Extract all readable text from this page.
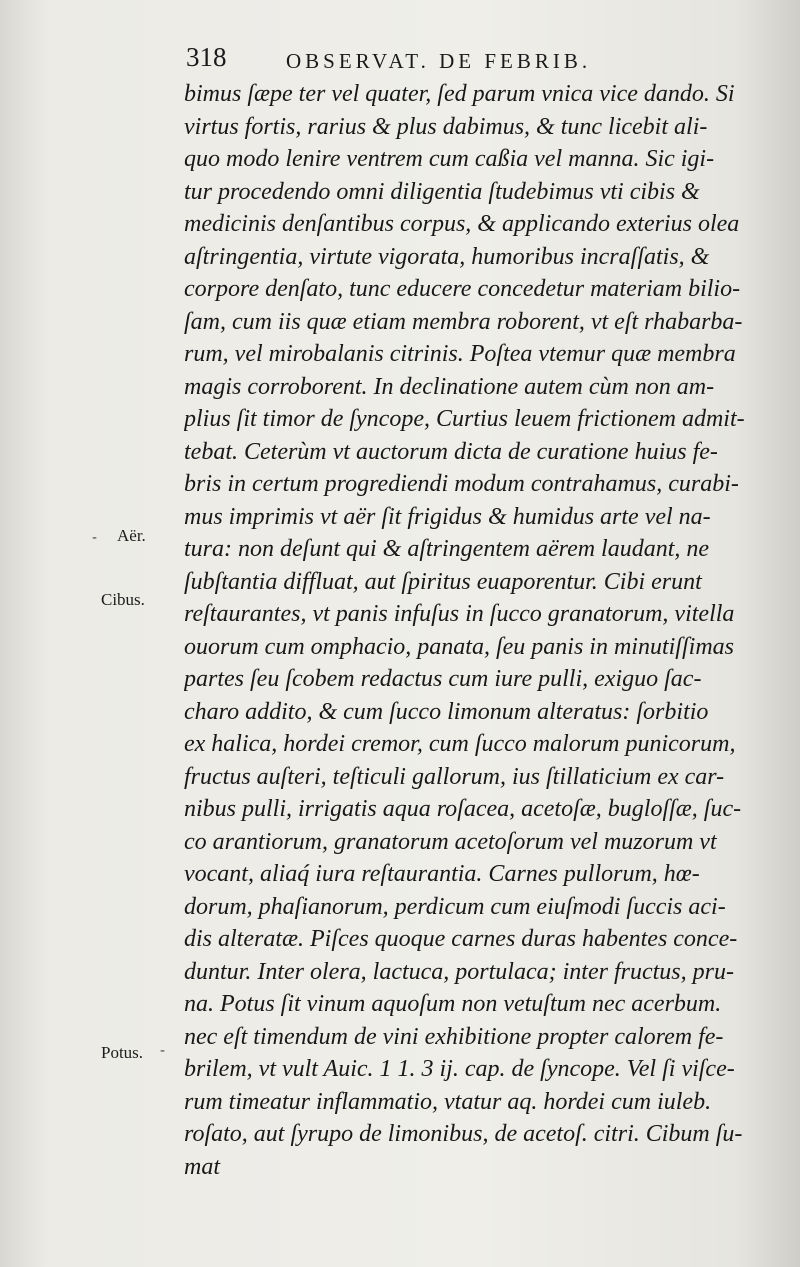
318	OBSERVAT. DE FEBRIB.
bimus ſæpe ter vel quater, ſed parum vnica vice dando. Si
virtus fortis, rarius & plus dabimus, & tunc licebit ali-
quo modo lenire ventrem cum caßia vel manna. Sic igi-
tur procedendo omni diligentia ſtudebimus vti cibis &
medicinis denſantibus corpus, & applicando exterius olea
aſtringentia, virtute vigorata, humoribus incraſſatis, &
corpore denſato, tunc educere concedetur materiam bilio-
ſam, cum iis quæ etiam membra roborent, vt eſt rhabarba-
rum, vel mirobalanis citrinis. Poſtea vtemur quæ membra
magis corroborent. In declinatione autem cùm non am-
plius ſit timor de ſyncope, Curtius leuem frictionem admit-
tebat. Ceterùm vt auctorum dicta de curatione huius fe-
bris in certum progrediendi modum contrahamus, curabi-
mus imprimis vt aër ſit frigidus & humidus arte vel na-
tura: non deſunt qui & aſtringentem aërem laudant, ne
ſubſtantia diffluat, aut ſpiritus euaporentur. Cibi erunt
reſtaurantes, vt panis infuſus in ſucco granatorum, vitella
ouorum cum omphacio, panata, ſeu panis in minutiſſimas
partes ſeu ſcobem redactus cum iure pulli, exiguo ſac-
charo addito, & cum ſucco limonum alteratus: ſorbitio
ex halica, hordei cremor, cum ſucco malorum punicorum,
fructus auſteri, teſticuli gallorum, ius ſtillaticium ex car-
nibus pulli, irrigatis aqua roſacea, acetoſæ, bugloſſæ, ſuc-
co arantiorum, granatorum acetoſorum vel muzorum vt
vocant, aliaq́ iura reſtaurantia. Carnes pullorum, hœ-
dorum, phaſianorum, perdicum cum eiuſmodi ſuccis aci-
dis alteratæ. Piſces quoque carnes duras habentes conce-
duntur. Inter olera, lactuca, portulaca; inter fructus, pru-
na. Potus ſit vinum aquoſum non vetuſtum nec acerbum.
nec eſt timendum de vini exhibitione propter calorem fe-
brilem, vt vult Auic. 1 1. 3 ij. cap. de ſyncope. Vel ſi viſce-
rum timeatur inflammatio, vtatur aq. hordei cum iuleb.
roſato, aut ſyrupo de limonibus, de acetoſ. citri. Cibum ſu-
mat
Aër.
Cibus.
Potus.
-
-
